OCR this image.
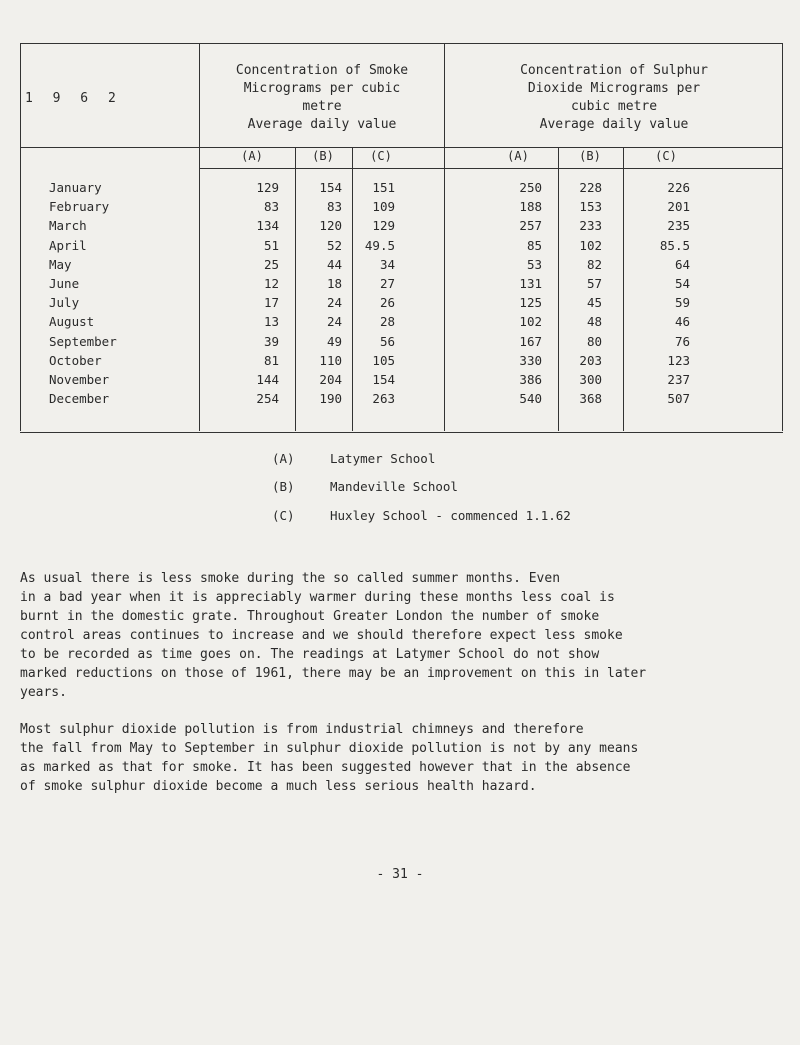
1 9 6 2
Concentration of Smoke
Micrograms per cubic
metre
Average daily value
Concentration of Sulphur
Dioxide Micrograms per
cubic metre
Average daily value
(A)	(B)	(C)	(A)	(B)	(C)
January	129	154	151	250	228	226
February	83	83	109	188	153	201
March	134	120	129	257	233	235
April	51	52	49.5	85	102	85.5
May	25	44	34	53	82	64
June	12	18	27	131	57	54
July	17	24	26	125	45	59
August	13	24	28	102	48	46
September	39	49	56	167	80	76
October	81	110	105	330	203	123
November	144	204	154	386	300	237
December	254	190	263	540	368	507
(A)	Latymer School
(B)	Mandeville School
(C)	Huxley School - commenced 1.1.62
As usual there is less smoke during the so called summer months. Even
in a bad year when it is appreciably warmer during these months less coal is
burnt in the domestic grate. Throughout Greater London the number of smoke
control areas continues to increase and we should therefore expect less smoke
to be recorded as time goes on. The readings at Latymer School do not show
marked reductions on those of 1961, there may be an improvement on this in later
years.
Most sulphur dioxide pollution is from industrial chimneys and therefore
the fall from May to September in sulphur dioxide pollution is not by any means
as marked as that for smoke. It has been suggested however that in the absence
of smoke sulphur dioxide become a much less serious health hazard.
- 31 -
